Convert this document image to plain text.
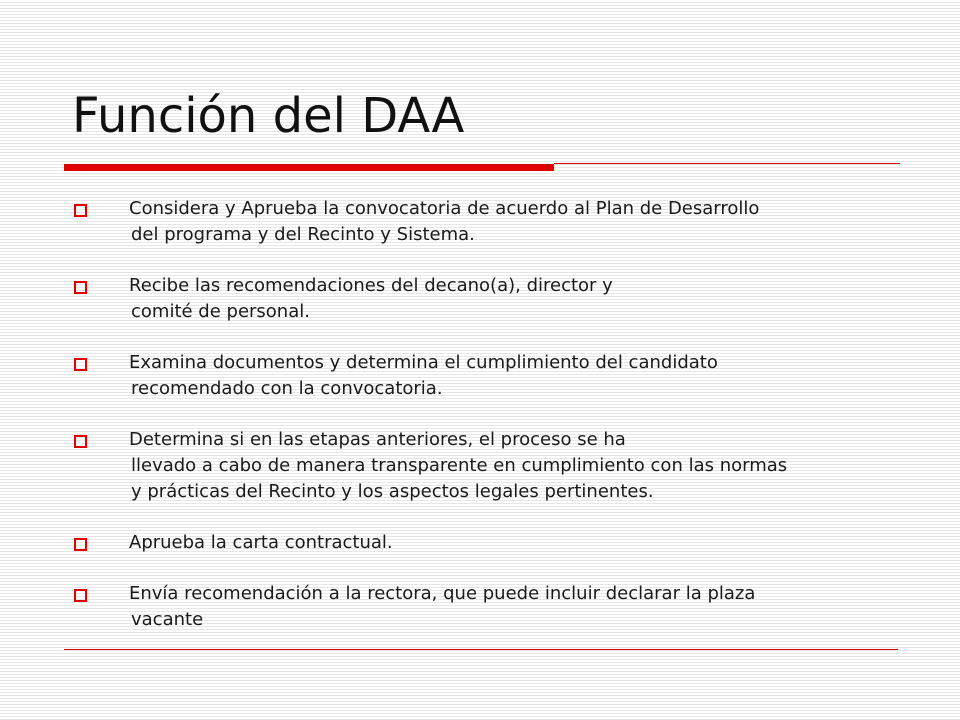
Función del DAA
Considera y Aprueba la convocatoria de acuerdo al Plan de Desarrollo
del programa y del Recinto y Sistema.
Recibe las recomendaciones del decano(a), director y
comité de personal.
Examina documentos y determina el cumplimiento del candidato
recomendado con la convocatoria.
Determina si en las etapas anteriores, el proceso se ha
llevado a cabo de manera transparente en cumplimiento con las normas
y prácticas del Recinto y los aspectos legales pertinentes.
Aprueba la carta contractual.
Envía recomendación a la rectora, que puede incluir declarar la plaza
vacante
